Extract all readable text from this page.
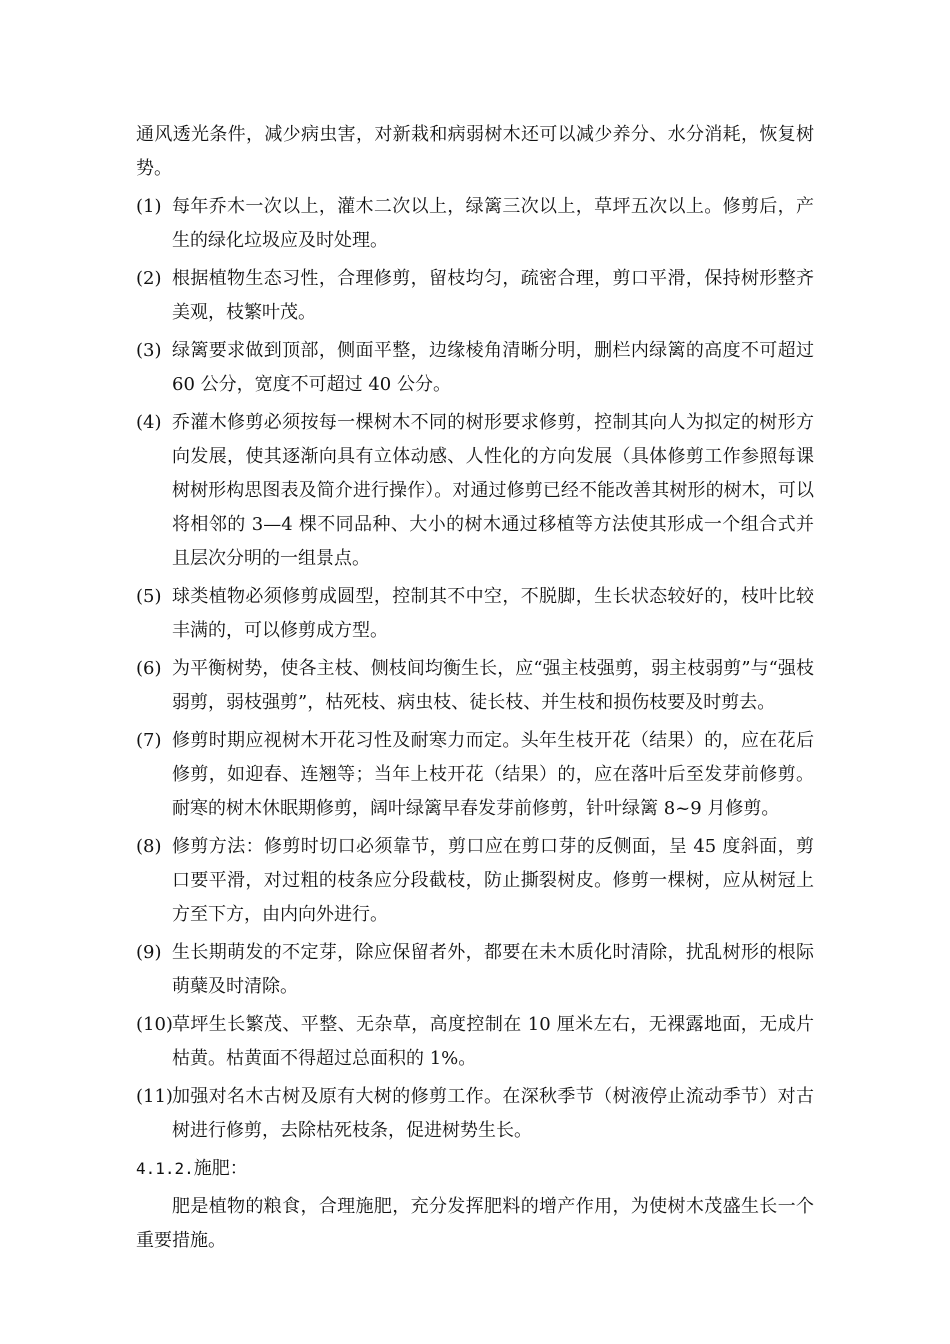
通风透光条件，减少病虫害，对新栽和病弱树木还可以减少养分、水分消耗，恢复树势。

(1) 每年乔木一次以上，灌木二次以上，绿篱三次以上，草坪五次以上。修剪后，产生的绿化垃圾应及时处理。
(2) 根据植物生态习性，合理修剪，留枝均匀，疏密合理，剪口平滑，保持树形整齐美观，枝繁叶茂。
(3) 绿篱要求做到顶部，侧面平整，边缘棱角清晰分明，删栏内绿篱的高度不可超过 60 公分，宽度不可超过 40 公分。
(4) 乔灌木修剪必须按每一棵树木不同的树形要求修剪，控制其向人为拟定的树形方向发展，使其逐渐向具有立体动感、人性化的方向发展（具体修剪工作参照每课树树形构思图表及简介进行操作）。对通过修剪已经不能改善其树形的树木，可以将相邻的 3—4 棵不同品种、大小的树木通过移植等方法使其形成一个组合式并且层次分明的一组景点。
(5) 球类植物必须修剪成圆型，控制其不中空，不脱脚，生长状态较好的，枝叶比较丰满的，可以修剪成方型。
(6) 为平衡树势，使各主枝、侧枝间均衡生长，应“强主枝强剪，弱主枝弱剪”与“强枝弱剪，弱枝强剪”，枯死枝、病虫枝、徒长枝、并生枝和损伤枝要及时剪去。
(7) 修剪时期应视树木开花习性及耐寒力而定。头年生枝开花（结果）的，应在花后修剪，如迎春、连翘等；当年上枝开花（结果）的，应在落叶后至发芽前修剪。耐寒的树木休眠期修剪，阔叶绿篱早春发芽前修剪，针叶绿篱 8~9 月修剪。
(8) 修剪方法：修剪时切口必须靠节，剪口应在剪口芽的反侧面，呈 45 度斜面，剪口要平滑，对过粗的枝条应分段截枝，防止撕裂树皮。修剪一棵树，应从树冠上方至下方，由内向外进行。
(9) 生长期萌发的不定芽，除应保留者外，都要在未木质化时清除，扰乱树形的根际萌蘖及时清除。
(10) 草坪生长繁茂、平整、无杂草，高度控制在 10 厘米左右，无裸露地面，无成片枯黄。枯黄面不得超过总面积的 1%。
(11) 加强对名木古树及原有大树的修剪工作。在深秋季节（树液停止流动季节）对古树进行修剪，去除枯死枝条，促进树势生长。

4.1.2.施肥：

肥是植物的粮食，合理施肥，充分发挥肥料的增产作用，为使树木茂盛生长一个重要措施。
